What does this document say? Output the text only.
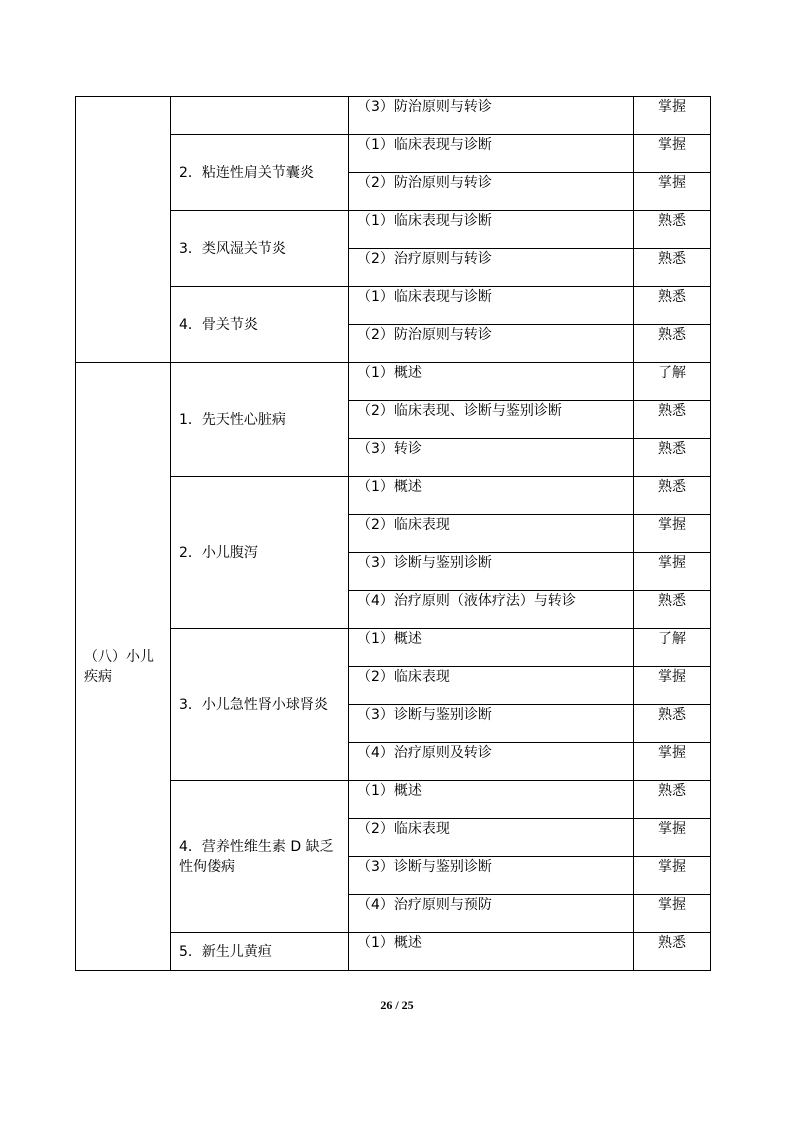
		（3）防治原则与转诊	掌握
	2．粘连性肩关节囊炎	（1）临床表现与诊断	掌握
		（2）防治原则与转诊	掌握
	3．类风湿关节炎	（1）临床表现与诊断	熟悉
		（2）治疗原则与转诊	熟悉
	4．骨关节炎	（1）临床表现与诊断	熟悉
		（2）防治原则与转诊	熟悉
（八）小儿疾病	1．先天性心脏病	（1）概述	了解
		（2）临床表现、诊断与鉴别诊断	熟悉
		（3）转诊	熟悉
	2．小儿腹泻	（1）概述	熟悉
		（2）临床表现	掌握
		（3）诊断与鉴别诊断	掌握
		（4）治疗原则（液体疗法）与转诊	熟悉
	3．小儿急性肾小球肾炎	（1）概述	了解
		（2）临床表现	掌握
		（3）诊断与鉴别诊断	熟悉
		（4）治疗原则及转诊	掌握
	4．营养性维生素 D 缺乏性佝偻病	（1）概述	熟悉
		（2）临床表现	掌握
		（3）诊断与鉴别诊断	掌握
		（4）治疗原则与预防	掌握
	5．新生儿黄疸	（1）概述	熟悉
26 / 25
